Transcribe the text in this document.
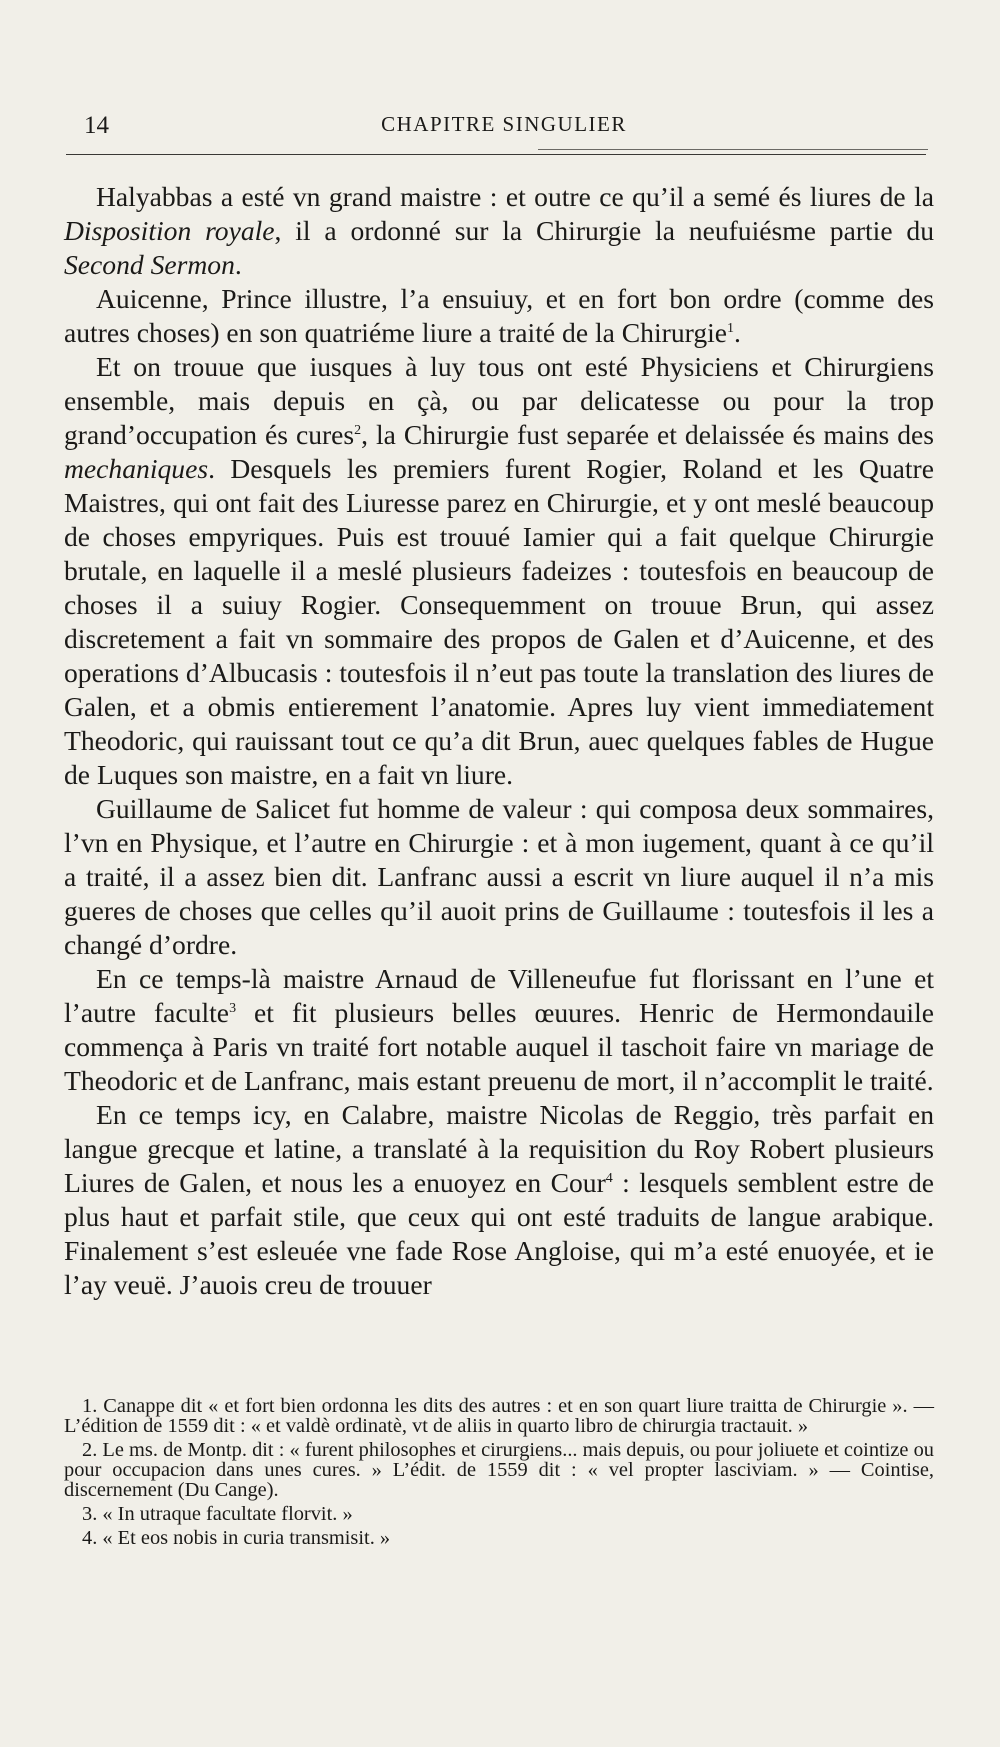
14	CHAPITRE SINGULIER

Halyabbas a esté vn grand maistre : et outre ce qu’il a semé és liures de la Disposition royale, il a ordonné sur la Chirurgie la neufuiésme partie du Second Sermon.

Auicenne, Prince illustre, l’a ensuiuy, et en fort bon ordre (comme des autres choses) en son quatriéme liure a traité de la Chirurgie$^1$.

Et on trouue que iusques à luy tous ont esté Physiciens et Chirurgiens ensemble, mais depuis en çà, ou par delicatesse ou pour la trop grand’occupation és cures$^2$, la Chirurgie fust separée et delaissée és mains des mechaniques. Desquels les premiers furent Rogier, Roland et les Quatre Maistres, qui ont fait des Liuresse parez en Chirurgie, et y ont meslé beaucoup de choses empyriques. Puis est trouué Iamier qui a fait quelque Chirurgie brutale, en laquelle il a meslé plusieurs fadeizes : toutesfois en beaucoup de choses il a suiuy Rogier. Consequemment on trouue Brun, qui assez discretement a fait vn sommaire des propos de Galen et d’Auicenne, et des operations d’Albucasis : toutesfois il n’eut pas toute la translation des liures de Galen, et a obmis entierement l’anatomie. Apres luy vient immediatement Theodoric, qui rauissant tout ce qu’a dit Brun, auec quelques fables de Hugue de Luques son maistre, en a fait vn liure.

Guillaume de Salicet fut homme de valeur : qui composa deux sommaires, l’vn en Physique, et l’autre en Chirurgie : et à mon iugement, quant à ce qu’il a traité, il a assez bien dit. Lanfranc aussi a escrit vn liure auquel il n’a mis gueres de choses que celles qu’il auoit prins de Guillaume : toutesfois il les a changé d’ordre.

En ce temps-là maistre Arnaud de Villeneufue fut florissant en l’une et l’autre faculte$^3$ et fit plusieurs belles œuures. Henric de Hermondauile commença à Paris vn traité fort notable auquel il taschoit faire vn mariage de Theodoric et de Lanfranc, mais estant preuenu de mort, il n’accomplit le traité.

En ce temps icy, en Calabre, maistre Nicolas de Reggio, très parfait en langue grecque et latine, a translaté à la requisition du Roy Robert plusieurs Liures de Galen, et nous les a enuoyez en Cour$^4$ : lesquels semblent estre de plus haut et parfait stile, que ceux qui ont esté traduits de langue arabique. Finalement s’est esleuée vne fade Rose Angloise, qui m’a esté enuoyée, et ie l’ay veuë. J’auois creu de trouuer

1. Canappe dit « et fort bien ordonna les dits des autres : et en son quart liure traitta de Chirurgie ». — L’édition de 1559 dit : « et valdè ordinatè, vt de aliis in quarto libro de chirurgia tractauit. »

2. Le ms. de Montp. dit : « furent philosophes et cirurgiens... mais depuis, ou pour joliuete et cointize ou pour occupacion dans unes cures. » L’édit. de 1559 dit : « vel propter lasciviam. » — Cointise, discernement (Du Cange).

3. « In utraque facultate florvit. »

4. « Et eos nobis in curia transmisit. »
